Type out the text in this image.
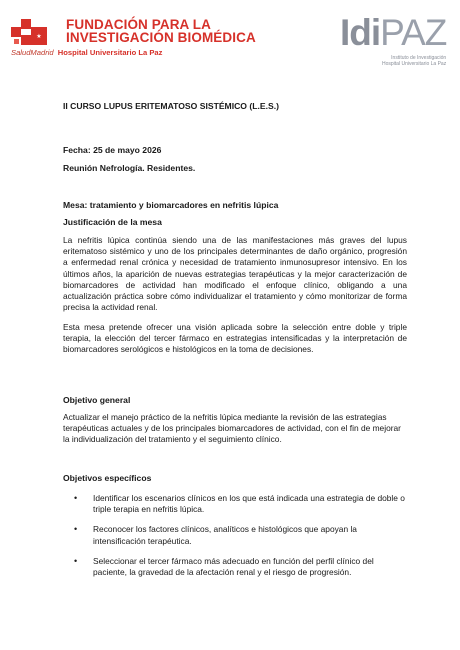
★
FUNDACIÓN PARA LA
INVESTIGACIÓN BIOMÉDICA
SaludMadrid Hospital Universitario La Paz	IdiPAZ
Instituto de Investigación
Hospital Universitario La Paz
II CURSO LUPUS ERITEMATOSO SISTÉMICO (L.E.S.)
Fecha: 25 de mayo 2026
Reunión Nefrología. Residentes.
Mesa: tratamiento y biomarcadores en nefritis lúpica
Justificación de la mesa

La nefritis lúpica continúa siendo una de las manifestaciones más graves del lupus eritematoso sistémico y uno de los principales determinantes de daño orgánico, progresión a enfermedad renal crónica y necesidad de tratamiento inmunosupresor intensivo. En los últimos años, la aparición de nuevas estrategias terapéuticas y la mejor caracterización de biomarcadores de actividad han modificado el enfoque clínico, obligando a una actualización práctica sobre cómo individualizar el tratamiento y cómo monitorizar de forma precisa la actividad renal.

Esta mesa pretende ofrecer una visión aplicada sobre la selección entre doble y triple terapia, la elección del tercer fármaco en estrategias intensificadas y la interpretación de biomarcadores serológicos e histológicos en la toma de decisiones.

Objetivo general

Actualizar el manejo práctico de la nefritis lúpica mediante la revisión de las estrategias terapéuticas actuales y de los principales biomarcadores de actividad, con el fin de mejorar la individualización del tratamiento y el seguimiento clínico.

Objetivos específicos
• Identificar los escenarios clínicos en los que está indicada una estrategia de doble o triple terapia en nefritis lúpica.
• Reconocer los factores clínicos, analíticos e histológicos que apoyan la intensificación terapéutica.
• Seleccionar el tercer fármaco más adecuado en función del perfil clínico del paciente, la gravedad de la afectación renal y el riesgo de progresión.
